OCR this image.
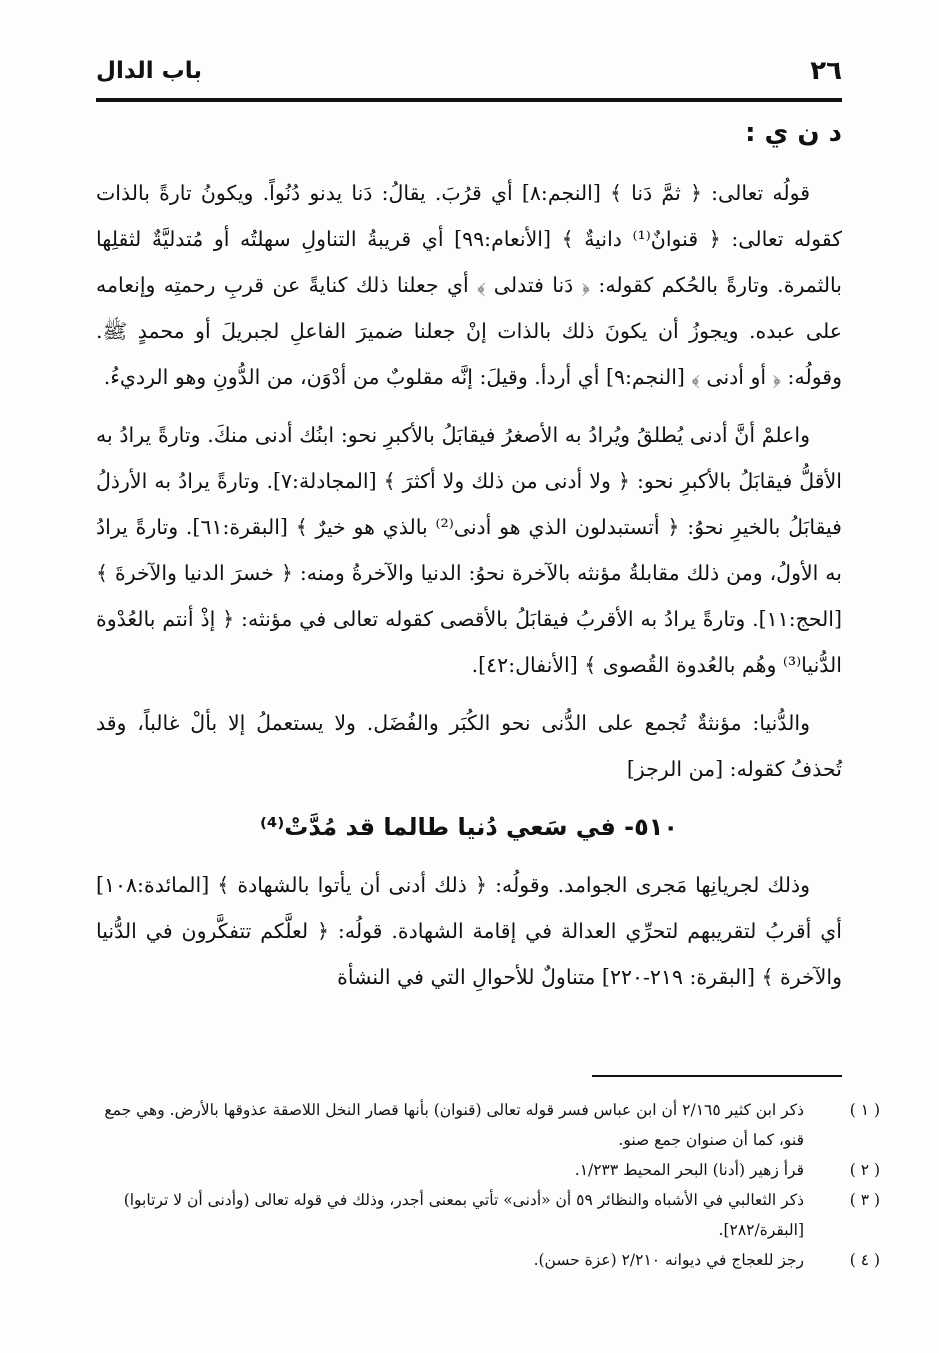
٢٦
باب الدال
د ن ي :

قولُه تعالى: ﴿ ثمَّ دَنا ﴾ [النجم:٨] أي قرُبَ. يقالُ: دَنا يدنو دُنُواً. ويكونُ تارةً بالذات كقوله تعالى: ﴿ قنوانٌ⁽¹⁾ دانيةٌ ﴾ [الأنعام:٩٩] أي قريبةُ التناولِ سهلتُه أو مُتدليَّةٌ لثقلِها بالثمرة. وتارةً بالحُكم كقوله: ﴿ دَنا فتدلى ﴾ أي جعلنا ذلك كنايةً عن قربِ رحمتِه وإنعامه على عبده. ويجوزُ أن يكونَ ذلك بالذات إنْ جعلنا ضميرَ الفاعلِ لجبريلَ أو محمدٍ ﷺ. وقولُه: ﴿ أو أدنى ﴾ [النجم:٩] أي أردأ. وقيلَ: إنَّه مقلوبٌ من أدْوَن، من الدُّونِ وهو الرديءُ.

واعلمْ أنَّ أدنى يُطلقُ ويُرادُ به الأصغرُ فيقابَلُ بالأكبرِ نحو: ابنُك أدنى منكَ. وتارةً يرادُ به الأقلُّ فيقابَلُ بالأكبرِ نحو: ﴿ ولا أدنى من ذلك ولا أكثرَ ﴾ [المجادلة:٧]. وتارةً يرادُ به الأرذلُ فيقابَلُ بالخيرِ نحوُ: ﴿ أتستبدلون الذي هو أدنى⁽²⁾ بالذي هو خيرٌ ﴾ [البقرة:٦١]. وتارةً يرادُ به الأولُ، ومن ذلك مقابلةُ مؤنثه بالآخرة نحوُ: الدنيا والآخرةُ ومنه: ﴿ خسرَ الدنيا والآخرةَ ﴾ [الحج:١١]. وتارةً يرادُ به الأقربُ فيقابَلُ بالأقصى كقوله تعالى في مؤنثه: ﴿ إذْ أنتم بالعُدْوة الدُّنيا⁽³⁾ وهُم بالعُدوة القُصوى ﴾ [الأنفال:٤٢].

والدُّنيا: مؤنثةٌ تُجمع على الدُّنى نحو الكُبَر والفُضَل. ولا يستعملُ إلا بألْ غالباً، وقد تُحذفُ كقوله: [من الرجز]

٥١٠- في سَعي دُنيا طالما قد مُدَّتْ⁽⁴⁾

وذلك لجريانِها مَجرى الجوامد. وقولُه: ﴿ ذلك أدنى أن يأتوا بالشهادة ﴾ [المائدة:١٠٨] أي أقربُ لتقريبهم لتحرِّي العدالة في إقامة الشهادة. قولُه: ﴿ لعلَّكم تتفكَّرون في الدُّنيا والآخرة ﴾ [البقرة: ٢١٩-٢٢٠] متناولٌ للأحوالِ التي في النشأة

( ١ )ذكر ابن كثير ٢/١٦٥ أن ابن عباس فسر قوله تعالى (قنوان) بأنها قصار النخل اللاصقة عذوقها بالأرض. وهي جمع قنو، كما أن صنوان جمع صنو.

( ٢ )قرأ زهير (أدنا) البحر المحيط ١/٢٣٣.

( ٣ )ذكر الثعالبي في الأشباه والنظائر ٥٩ أن «أدنى» تأتي بمعنى أجدر، وذلك في قوله تعالى (وأدنى أن لا ترتابوا) [البقرة/٢٨٢].

( ٤ )رجز للعجاج في ديوانه ٢/٢١٠ (عزة حسن).
